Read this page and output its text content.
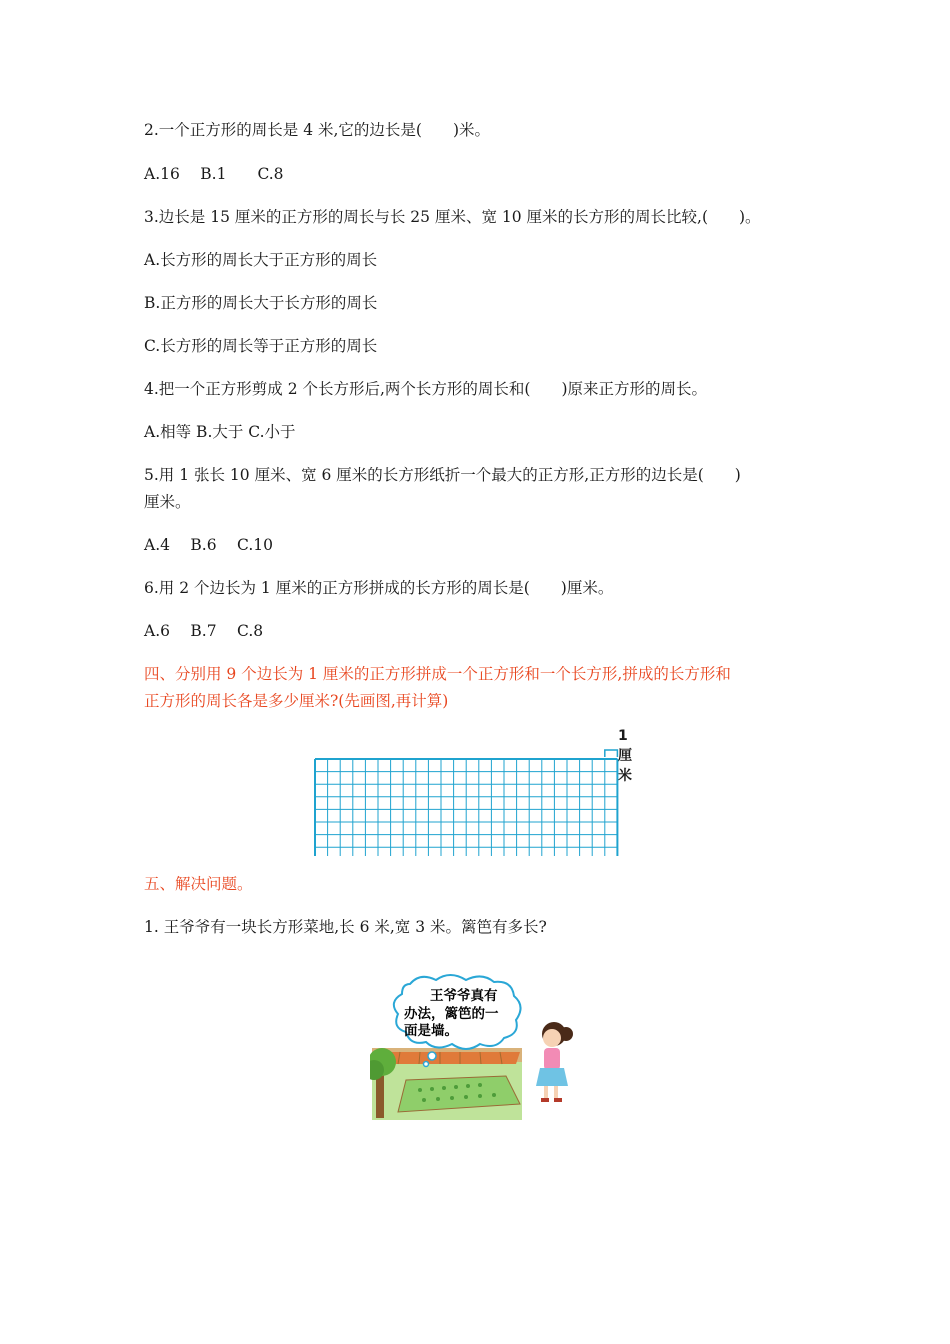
2.一个正方形的周长是 4 米,它的边长是(　　)米。
A.16　 B.1　　C.8
3.边长是 15 厘米的正方形的周长与长 25 厘米、宽 10 厘米的长方形的周长比较,(　　)。
A.长方形的周长大于正方形的周长
B.正方形的周长大于长方形的周长
C.长方形的周长等于正方形的周长
4.把一个正方形剪成 2 个长方形后,两个长方形的周长和(　　)原来正方形的周长。
A.相等 B.大于 C.小于
5.用 1 张长 10 厘米、宽 6 厘米的长方形纸折一个最大的正方形,正方形的边长是(　　)
厘米。
A.4　 B.6　 C.10
6.用 2 个边长为 1 厘米的正方形拼成的长方形的周长是(　　)厘米。
A.6　 B.7　 C.8
四、分别用 9 个边长为 1 厘米的正方形拼成一个正方形和一个长方形,拼成的长方形和
正方形的周长各是多少厘米?(先画图,再计算)
1厘米
五、解决问题。
1. 王爷爷有一块长方形菜地,长 6 米,宽 3 米。篱笆有多长?
王爷爷真有
办法，篱笆的一
面是墙。
